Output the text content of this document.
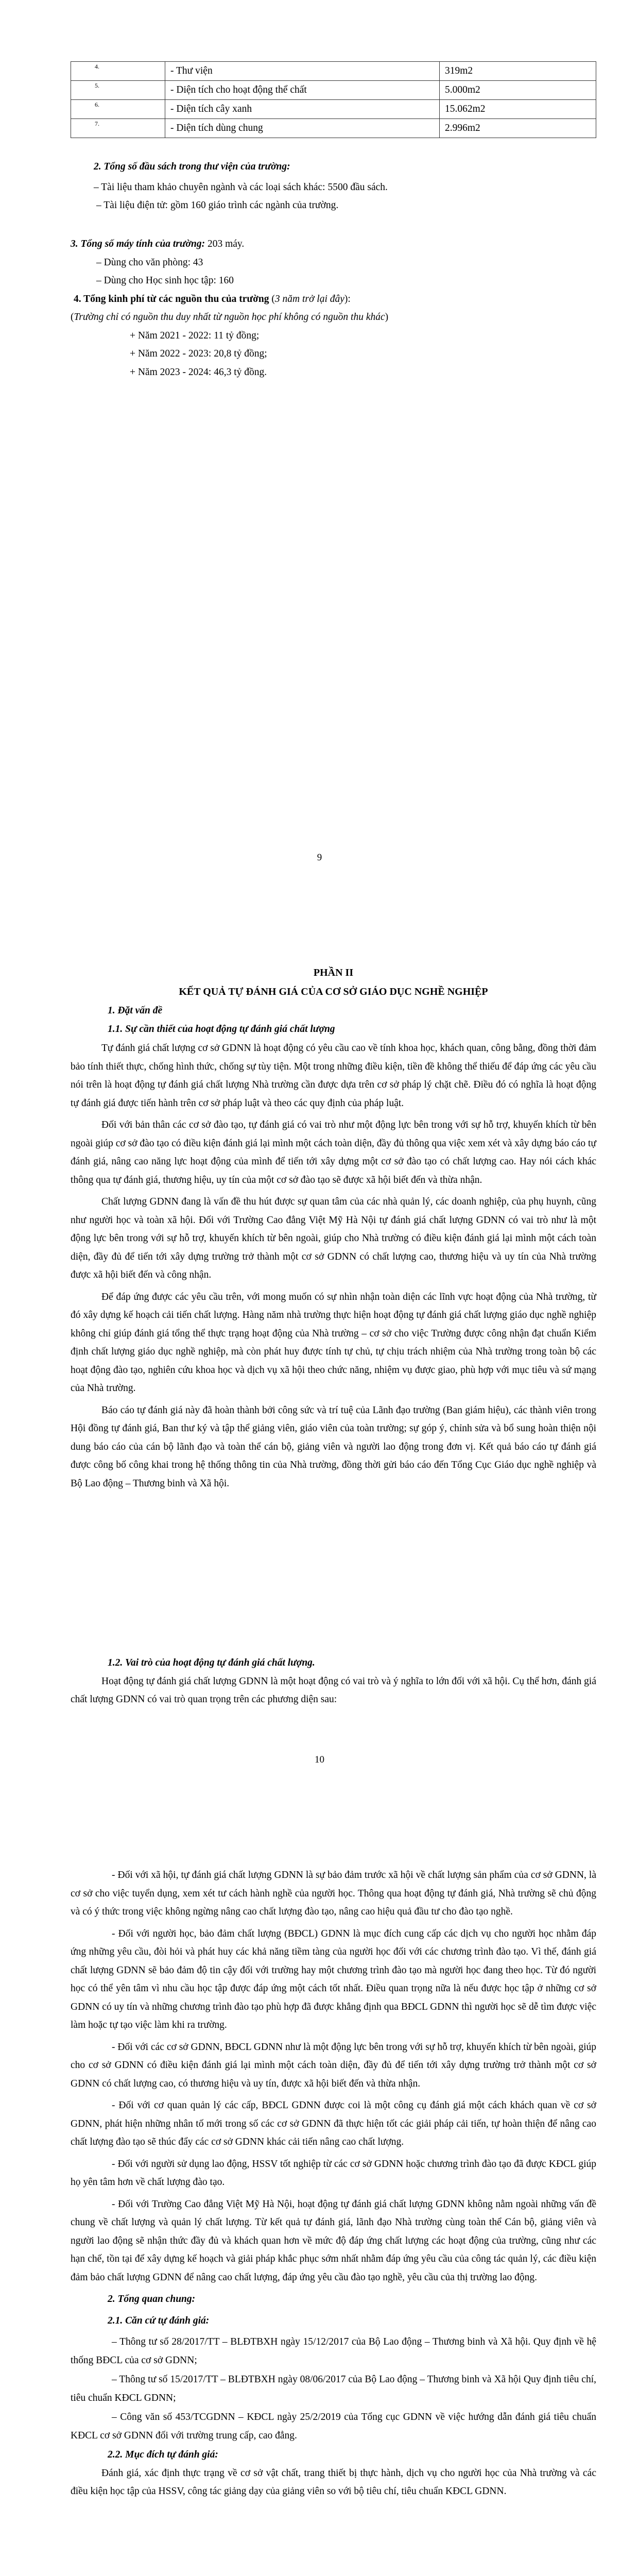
4.	- Thư viện	319m2
5.	- Diện tích cho hoạt động thể chất	5.000m2
6.	- Diện tích cây xanh	15.062m2
7.	- Diện tích dùng chung	2.996m2

2. Tổng số đầu sách trong thư viện của trường:

– Tài liệu tham khảo chuyên ngành và các loại sách khác: 5500 đầu sách.

– Tài liệu điện tử: gồm 160 giáo trình các ngành của trường.

3. Tổng số máy tính của trường: 203 máy.

– Dùng cho văn phòng: 43

– Dùng cho Học sinh học tập: 160

4. Tổng kinh phí từ các nguồn thu của trường (3 năm trở lại đây):

(Trường chỉ có nguồn thu duy nhất từ nguồn học phí không có nguồn thu khác)

+ Năm 2021 - 2022: 11 tỷ đồng;

+ Năm 2022 - 2023: 20,8 tỷ đồng;

+ Năm 2023 - 2024: 46,3 tỷ đồng.

9

PHẦN II

KẾT QUẢ TỰ ĐÁNH GIÁ CỦA CƠ SỞ GIÁO DỤC NGHỀ NGHIỆP

1. Đặt vấn đề

1.1. Sự cần thiết của hoạt động tự đánh giá chất lượng

Tự đánh giá chất lượng cơ sở GDNN là hoạt động có yêu cầu cao về tính khoa học, khách quan, công bằng, đồng thời đảm bảo tính thiết thực, chống hình thức, chống sự tùy tiện. Một trong những điều kiện, tiền đề không thể thiếu để đáp ứng các yêu cầu nói trên là hoạt động tự đánh giá chất lượng Nhà trường cần được dựa trên cơ sở pháp lý chặt chẽ. Điều đó có nghĩa là hoạt động tự đánh giá được tiến hành trên cơ sở pháp luật và theo các quy định của pháp luật.

Đối với bản thân các cơ sở đào tạo, tự đánh giá có vai trò như một động lực bên trong với sự hỗ trợ, khuyến khích từ bên ngoài giúp cơ sở đào tạo có điều kiện đánh giá lại mình một cách toàn diện, đầy đủ thông qua việc xem xét và xây dựng báo cáo tự đánh giá, nâng cao năng lực hoạt động của mình để tiến tới xây dựng một cơ sở đào tạo có chất lượng cao. Hay nói cách khác thông qua tự đánh giá, thương hiệu, uy tín của một cơ sở đào tạo sẽ được xã hội biết đến và thừa nhận.

Chất lượng GDNN đang là vấn đề thu hút được sự quan tâm của các nhà quản lý, các doanh nghiệp, của phụ huynh, cũng như người học và toàn xã hội. Đối với Trường Cao đẳng Việt Mỹ Hà Nội tự đánh giá chất lượng GDNN có vai trò như là một động lực bên trong với sự hỗ trợ, khuyến khích từ bên ngoài, giúp cho Nhà trường có điều kiện đánh giá lại mình một cách toàn diện, đầy đủ để tiến tới xây dựng trường trở thành một cơ sở GDNN có chất lượng cao, thương hiệu và uy tín của Nhà trường được xã hội biết đến và công nhận.

Để đáp ứng được các yêu cầu trên, với mong muốn có sự nhìn nhận toàn diện các lĩnh vực hoạt động của Nhà trường, từ đó xây dựng kế hoạch cải tiến chất lượng. Hàng năm nhà trường thực hiện hoạt động tự đánh giá chất lượng giáo dục nghề nghiệp không chỉ giúp đánh giá tổng thể thực trạng hoạt động của Nhà trường – cơ sở cho việc Trường được công nhận đạt chuẩn Kiểm định chất lượng giáo dục nghề nghiệp, mà còn phát huy được tính tự chủ, tự chịu trách nhiệm của Nhà trường trong toàn bộ các hoạt động đào tạo, nghiên cứu khoa học và dịch vụ xã hội theo chức năng, nhiệm vụ được giao, phù hợp với mục tiêu và sứ mạng của Nhà trường.

Báo cáo tự đánh giá này đã hoàn thành bởi công sức và trí tuệ của Lãnh đạo trường (Ban giám hiệu), các thành viên trong Hội đồng tự đánh giá, Ban thư ký và tập thể giảng viên, giáo viên của toàn trường; sự góp ý, chỉnh sửa và bổ sung hoàn thiện nội dung báo cáo của cán bộ lãnh đạo và toàn thể cán bộ, giảng viên và người lao động trong đơn vị. Kết quả báo cáo tự đánh giá được công bố công khai trong hệ thống thông tin của Nhà trường, đồng thời gửi báo cáo đến Tổng Cục Giáo dục nghề nghiệp và Bộ Lao động – Thương binh và Xã hội.

1.2. Vai trò của hoạt động tự đánh giá chất lượng.

Hoạt động tự đánh giá chất lượng GDNN là một hoạt động có vai trò và ý nghĩa to lớn đối với xã hội. Cụ thể hơn, đánh giá chất lượng GDNN có vai trò quan trọng trên các phương diện sau:

10

- Đối với xã hội, tự đánh giá chất lượng GDNN là sự bảo đảm trước xã hội về chất lượng sản phẩm của cơ sở GDNN, là cơ sở cho việc tuyển dụng, xem xét tư cách hành nghề của người học. Thông qua hoạt động tự đánh giá, Nhà trường sẽ chủ động và có ý thức trong việc không ngừng nâng cao chất lượng đào tạo, nâng cao hiệu quả đầu tư cho đào tạo nghề.

- Đối với người học, bảo đảm chất lượng (BĐCL) GDNN là mục đích cung cấp các dịch vụ cho người học nhằm đáp ứng những yêu cầu, đòi hỏi và phát huy các khả năng tiềm tàng của người học đối với các chương trình đào tạo. Vì thế, đánh giá chất lượng GDNN sẽ bảo đảm độ tin cậy đối với trường hay một chương trình đào tạo mà người học đang theo học. Từ đó người học có thể yên tâm vì nhu cầu học tập được đáp ứng một cách tốt nhất. Điều quan trọng nữa là nếu được học tập ở những cơ sở GDNN có uy tín và những chương trình đào tạo phù hợp đã được khẳng định qua BĐCL GDNN thì người học sẽ dễ tìm được việc làm hoặc tự tạo việc làm khi ra trường.

- Đối với các cơ sở GDNN, BĐCL GDNN như là một động lực bên trong với sự hỗ trợ, khuyến khích từ bên ngoài, giúp cho cơ sở GDNN có điều kiện đánh giá lại mình một cách toàn diện, đầy đủ để tiến tới xây dựng trường trở thành một cơ sở GDNN có chất lượng cao, có thương hiệu và uy tín, được xã hội biết đến và thừa nhận.

- Đối với cơ quan quản lý các cấp, BĐCL GDNN được coi là một công cụ đánh giá một cách khách quan về cơ sở GDNN, phát hiện những nhân tố mới trong số các cơ sở GDNN đã thực hiện tốt các giải pháp cải tiến, tự hoàn thiện để nâng cao chất lượng đào tạo sẽ thúc đẩy các cơ sở GDNN khác cải tiến nâng cao chất lượng.

- Đối với người sử dụng lao động, HSSV tốt nghiệp từ các cơ sở GDNN hoặc chương trình đào tạo đã được KĐCL giúp họ yên tâm hơn về chất lượng đào tạo.

- Đối với Trường Cao đẳng Việt Mỹ Hà Nội, hoạt động tự đánh giá chất lượng GDNN không nằm ngoài những vấn đề chung về chất lượng và quản lý chất lượng. Từ kết quả tự đánh giá, lãnh đạo Nhà trường cùng toàn thể Cán bộ, giảng viên và người lao động sẽ nhận thức đầy đủ và khách quan hơn về mức độ đáp ứng chất lượng các hoạt động của trường, cũng như các hạn chế, tồn tại để xây dựng kế hoạch và giải pháp khắc phục sớm nhất nhằm đáp ứng yêu cầu của công tác quản lý, các điều kiện đảm bảo chất lượng GDNN để nâng cao chất lượng, đáp ứng yêu cầu đào tạo nghề, yêu cầu của thị trường lao động.

2. Tổng quan chung:

2.1. Căn cứ tự đánh giá:

– Thông tư số 28/2017/TT – BLĐTBXH ngày 15/12/2017 của Bộ Lao động – Thương binh và Xã hội. Quy định về hệ thống BĐCL của cơ sở GDNN;

– Thông tư số 15/2017/TT – BLĐTBXH ngày 08/06/2017 của Bộ Lao động – Thương binh và Xã hội Quy định tiêu chí, tiêu chuẩn KĐCL GDNN;

– Công văn số 453/TCGDNN – KĐCL ngày 25/2/2019 của Tổng cục GDNN về việc hướng dẫn đánh giá tiêu chuẩn KĐCL cơ sở GDNN đối với trường trung cấp, cao đẳng.

2.2. Mục đích tự đánh giá:

Đánh giá, xác định thực trạng về cơ sở vật chất, trang thiết bị thực hành, dịch vụ cho người học của Nhà trường và các điều kiện học tập của HSSV, công tác giảng dạy của giảng viên so với bộ tiêu chí, tiêu chuẩn KĐCL GDNN.
